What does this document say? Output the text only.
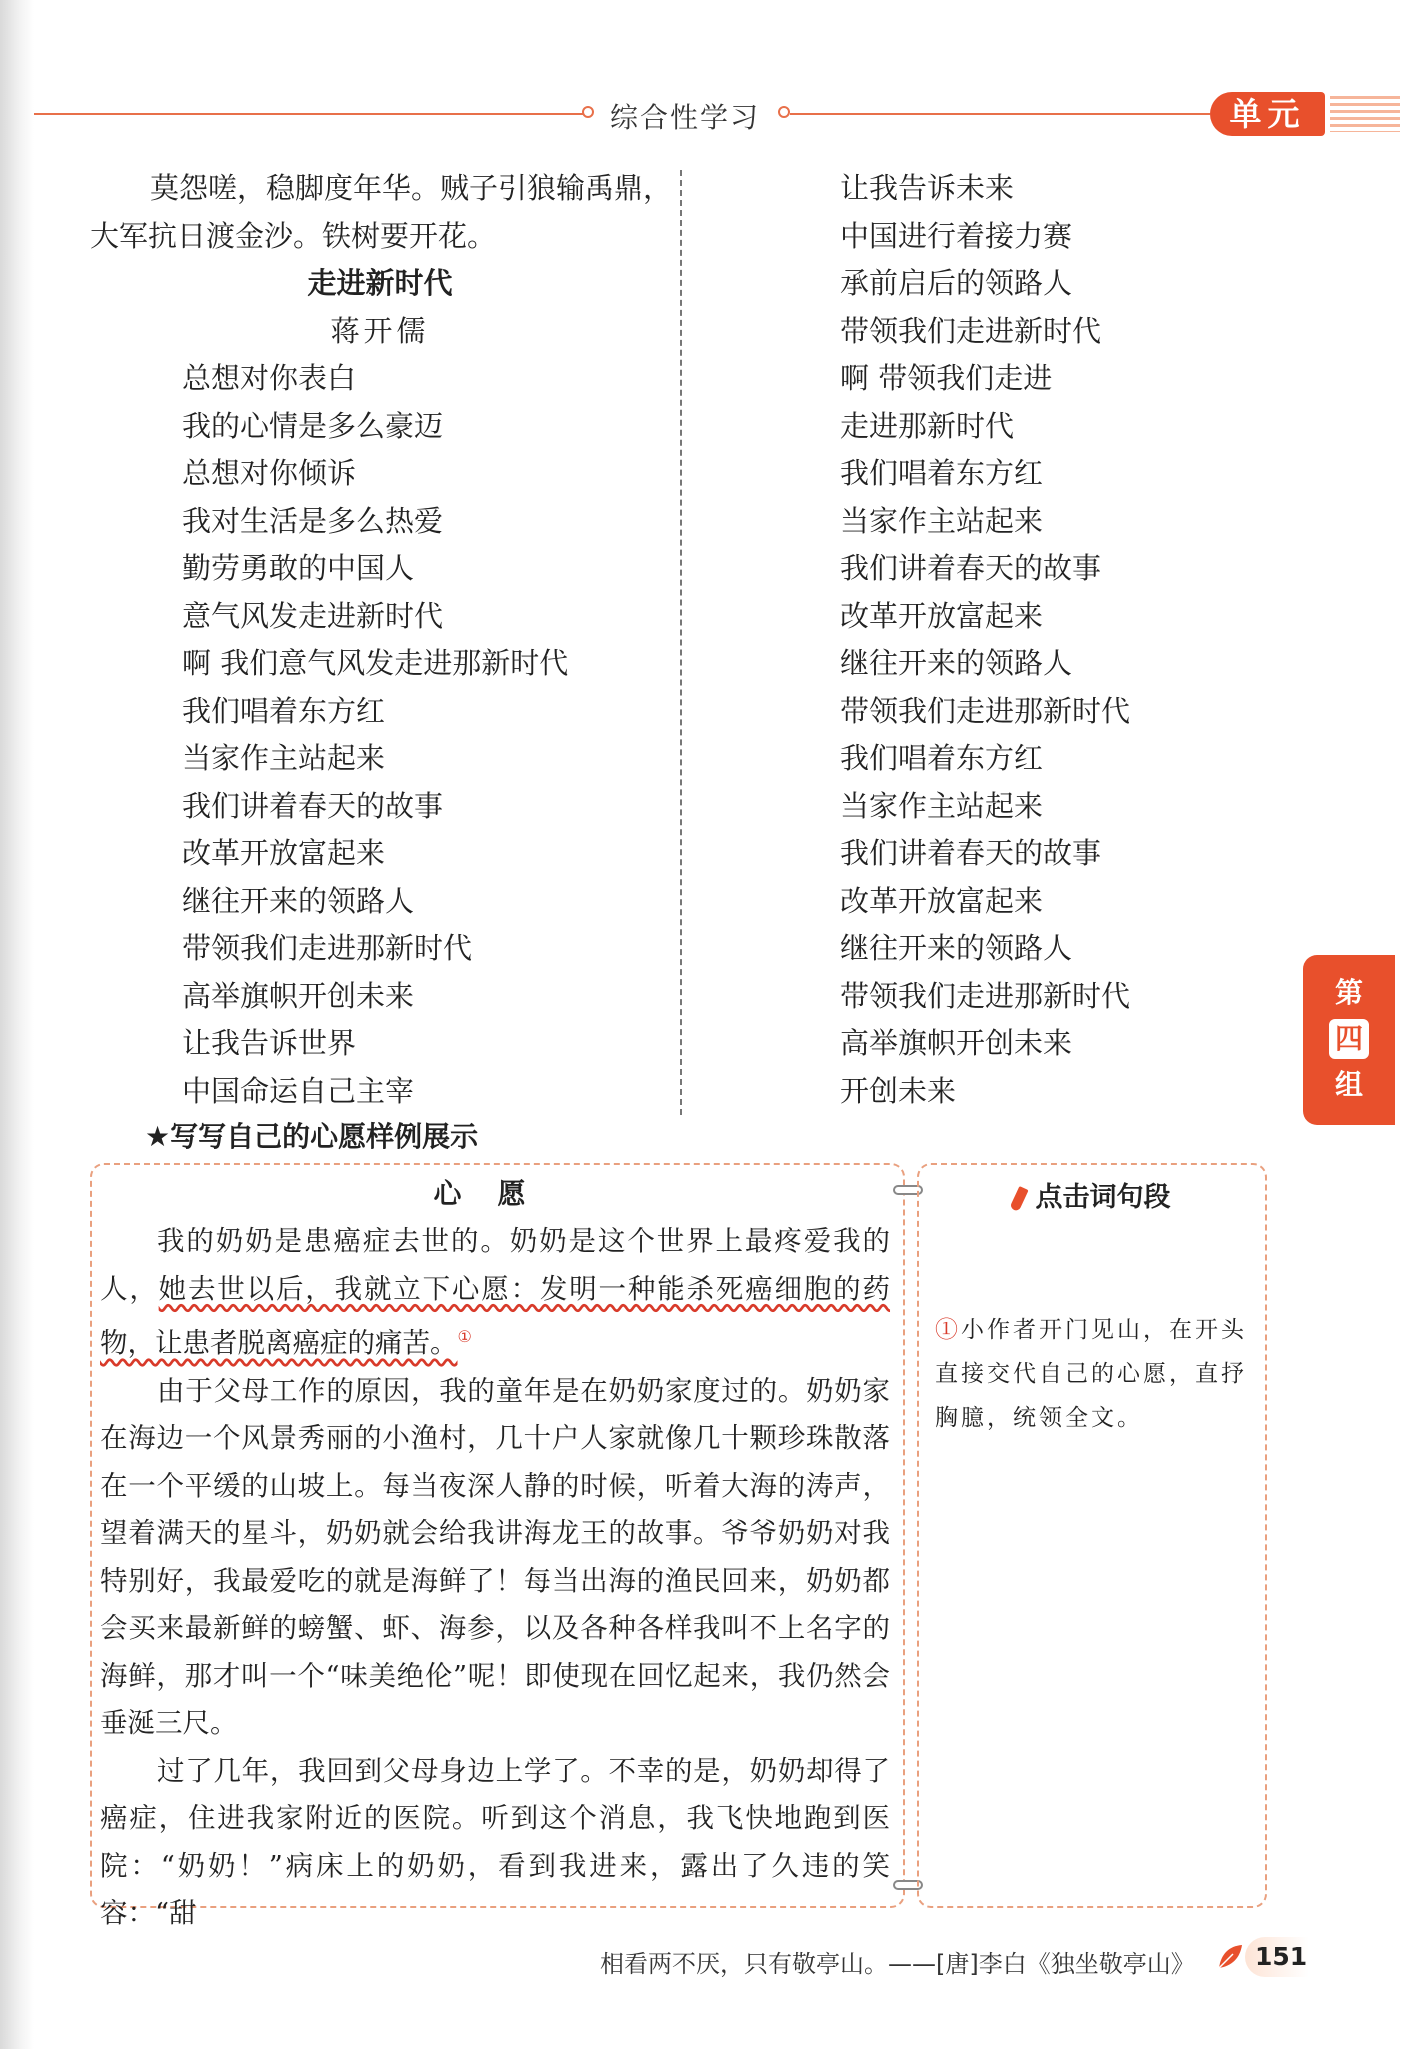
综合性学习	单元

莫怨嗟，稳脚度年华。贼子引狼输禹鼎，

大军抗日渡金沙。铁树要开花。

走进新时代

蒋开儒

总想对你表白

我的心情是多么豪迈

总想对你倾诉

我对生活是多么热爱

勤劳勇敢的中国人

意气风发走进新时代

啊 我们意气风发走进那新时代

我们唱着东方红

当家作主站起来

我们讲着春天的故事

改革开放富起来

继往开来的领路人

带领我们走进那新时代

高举旗帜开创未来

让我告诉世界

中国命运自己主宰

让我告诉未来

中国进行着接力赛

承前启后的领路人

带领我们走进新时代

啊 带领我们走进

走进那新时代

我们唱着东方红

当家作主站起来

我们讲着春天的故事

改革开放富起来

继往开来的领路人

带领我们走进那新时代

我们唱着东方红

当家作主站起来

我们讲着春天的故事

改革开放富起来

继往开来的领路人

带领我们走进那新时代

高举旗帜开创未来

开创未来

第
四
组
★写写自己的心愿样例展示
心愿

我的奶奶是患癌症去世的。奶奶是这个世界上最疼爱我的人，她去世以后，我就立下心愿：发明一种能杀死癌细胞的药物，让患者脱离癌症的痛苦。①

由于父母工作的原因，我的童年是在奶奶家度过的。奶奶家在海边一个风景秀丽的小渔村，几十户人家就像几十颗珍珠散落在一个平缓的山坡上。每当夜深人静的时候，听着大海的涛声，望着满天的星斗，奶奶就会给我讲海龙王的故事。爷爷奶奶对我特别好，我最爱吃的就是海鲜了！每当出海的渔民回来，奶奶都会买来最新鲜的螃蟹、虾、海参，以及各种各样我叫不上名字的海鲜，那才叫一个“味美绝伦”呢！即使现在回忆起来，我仍然会垂涎三尺。

过了几年，我回到父母身边上学了。不幸的是，奶奶却得了癌症，住进我家附近的医院。听到这个消息，我飞快地跑到医院：“奶奶！”病床上的奶奶，看到我进来，露出了久违的笑容：“甜

点击词句段
①小作者开门见山，在开头直接交代自己的心愿，直抒胸臆，统领全文。
相看两不厌，只有敬亭山。——[唐]李白《独坐敬亭山》	151
